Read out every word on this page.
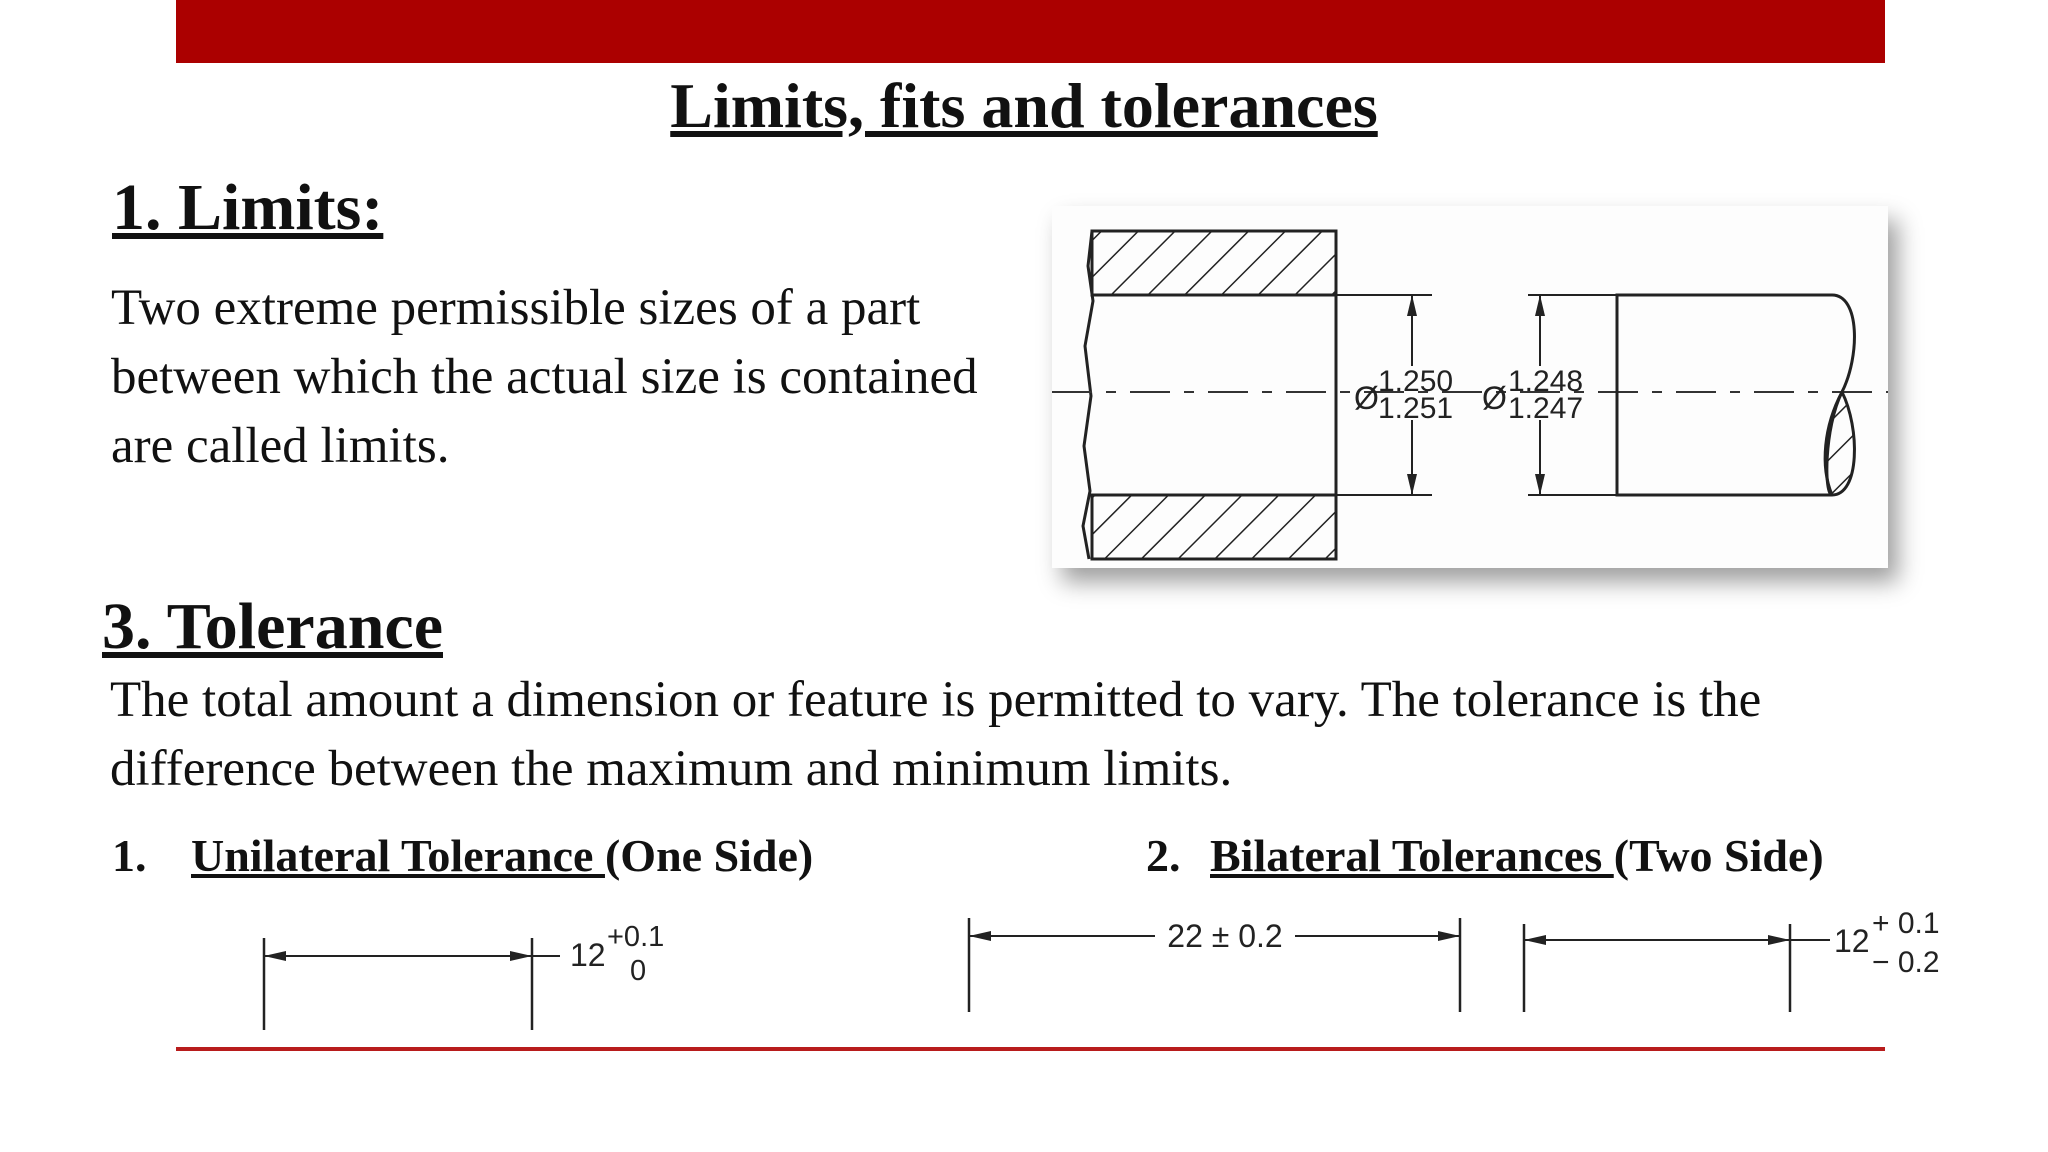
Limits, fits and tolerances
1. Limits:

Two extreme permissible sizes of a part between which the actual size is contained are called limits.

Ø 1.250
1.251 Ø 1.248
1.247
3. Tolerance

The total amount a dimension or feature is permitted to vary. The tolerance is the difference between the maximum and minimum limits.

1. Unilateral Tolerance (One Side)	2. Bilateral Tolerances (Two Side)
12 +0.1
0
22 ± 0.2	12 + 0.1
− 0.2
